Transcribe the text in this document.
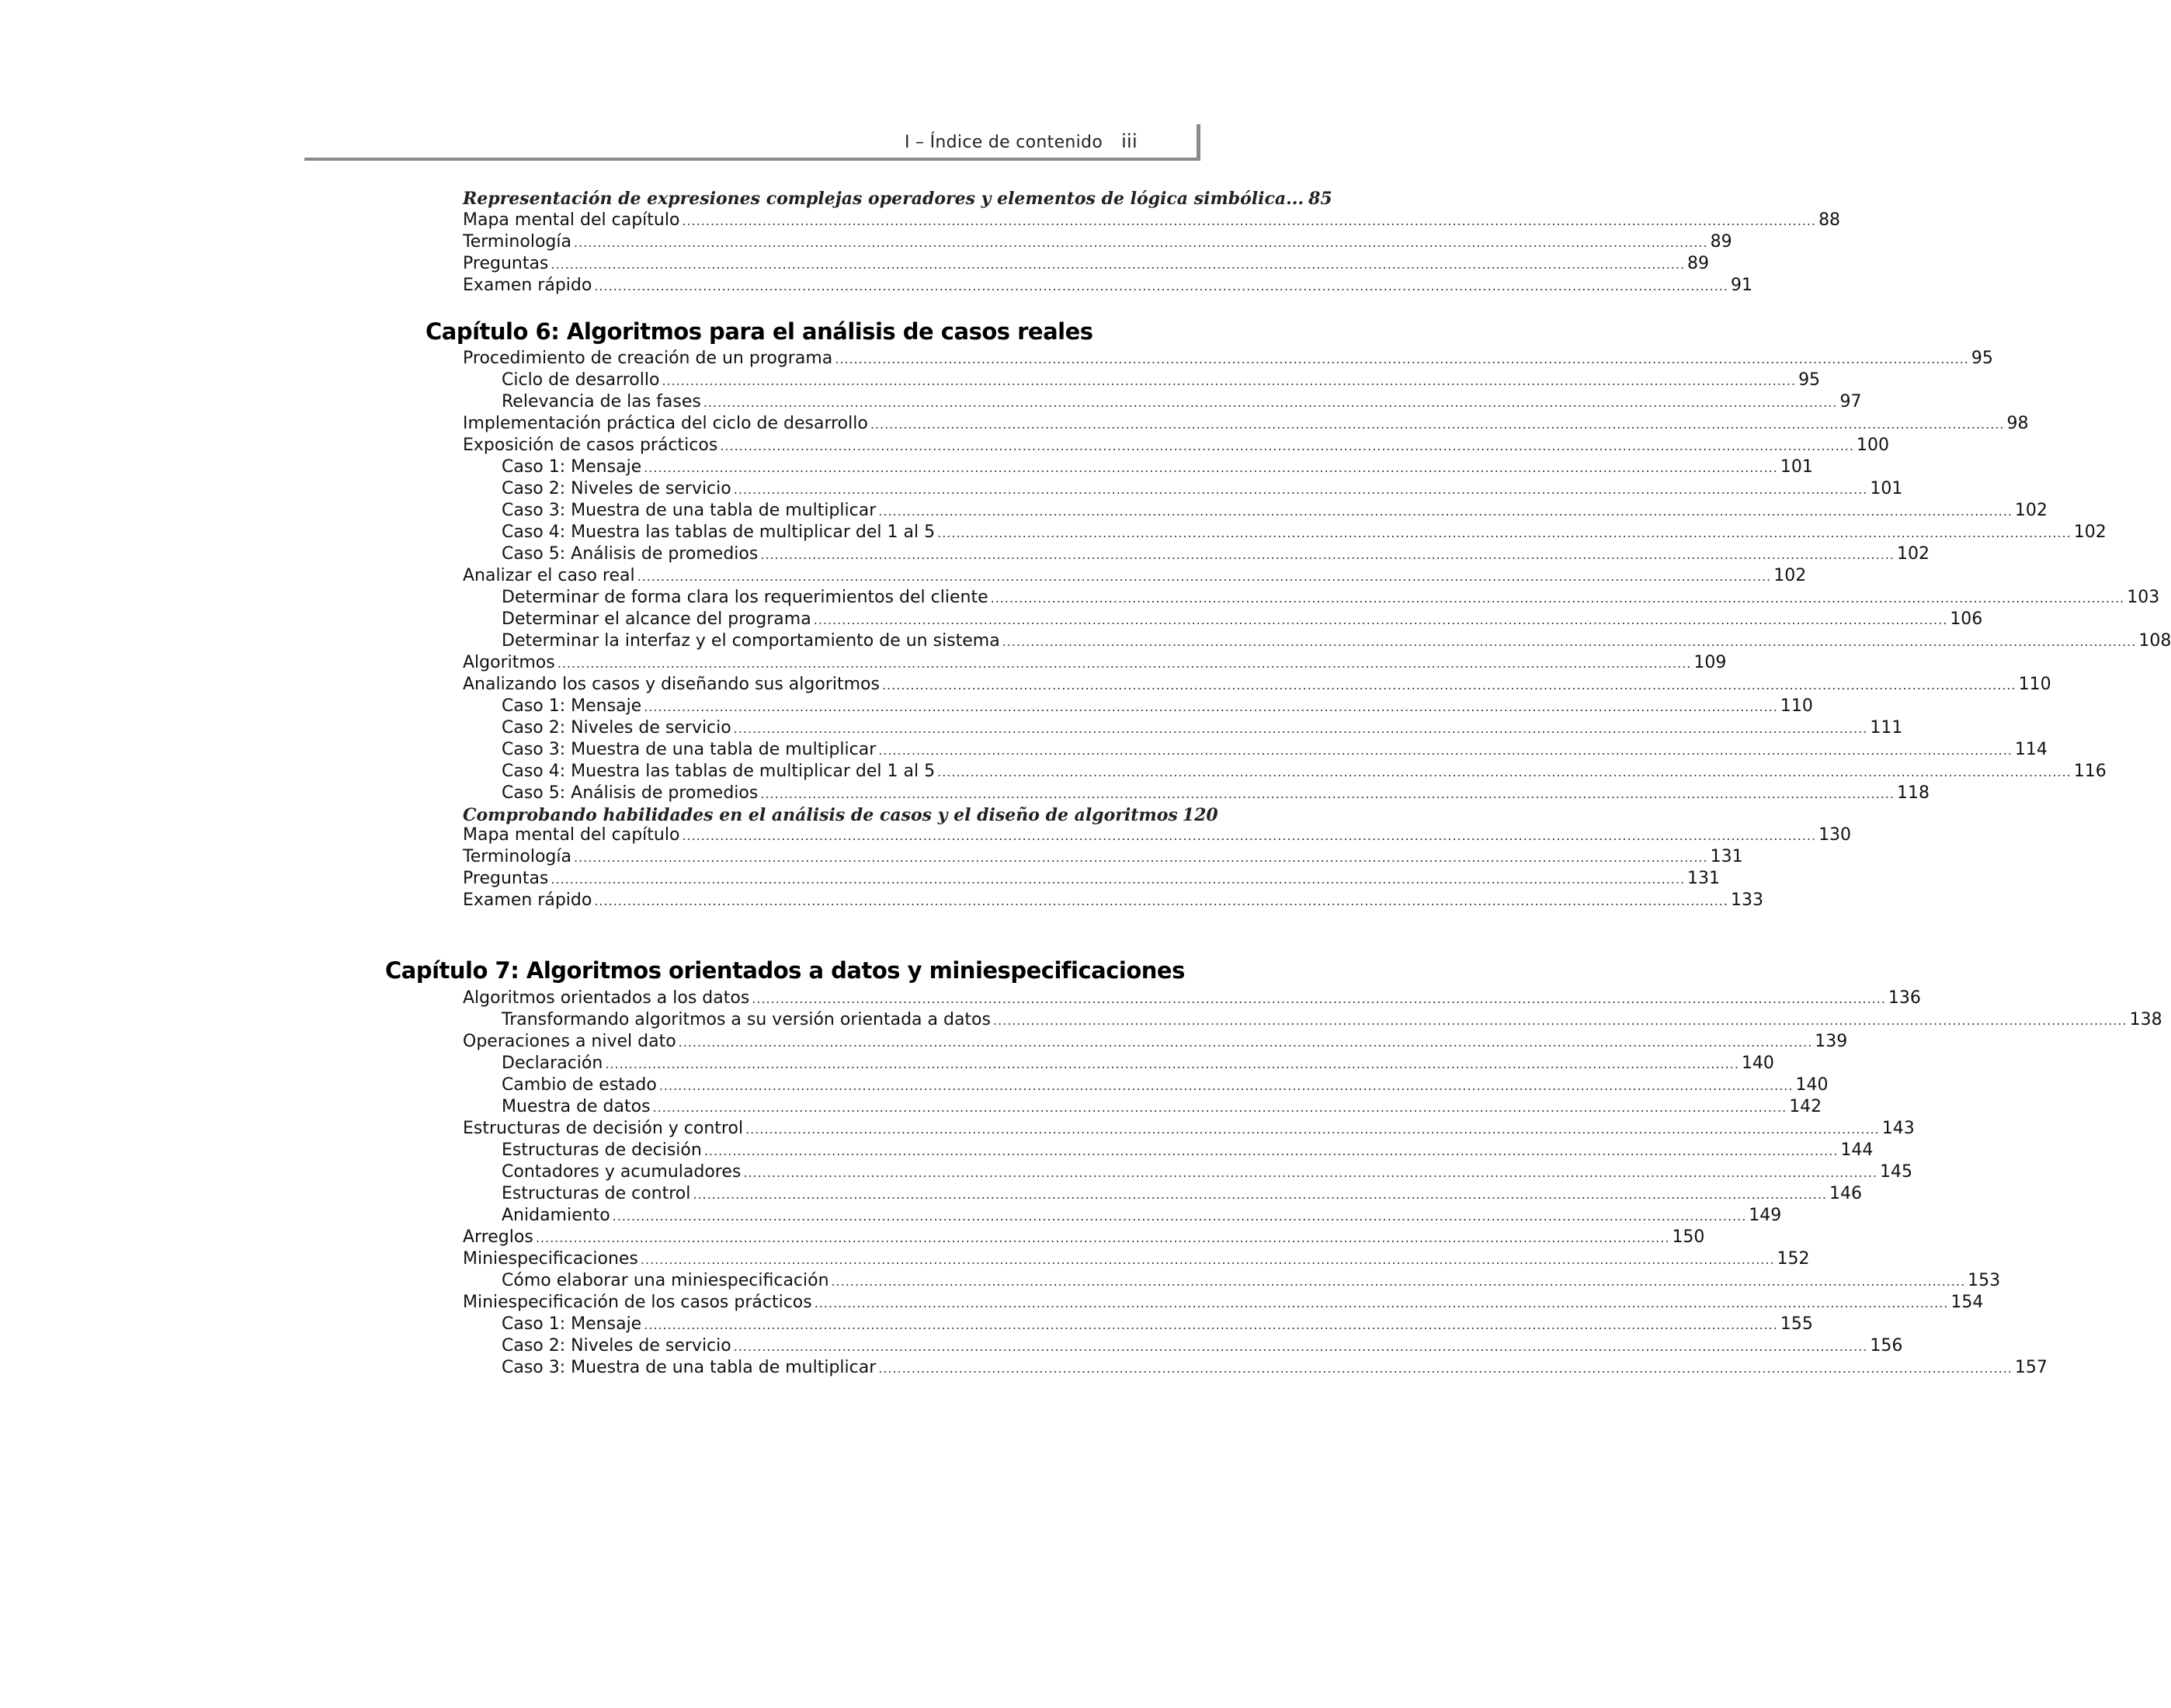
I – Índice de contenido iii
Representación de expresiones complejas operadores y elementos de lógica simbólica... 85
Mapa mental del capítulo .....	88
Terminología .....	89
Preguntas .....	89
Examen rápido .....	91
Capítulo 6: Algoritmos para el análisis de casos reales
Procedimiento de creación de un programa .....	95
Ciclo de desarrollo .....	95
Relevancia de las fases .....	97
Implementación práctica del ciclo de desarrollo .....	98
Exposición de casos prácticos .....	100
Caso 1: Mensaje .....	101
Caso 2: Niveles de servicio .....	101
Caso 3: Muestra de una tabla de multiplicar .....	102
Caso 4: Muestra las tablas de multiplicar del 1 al 5 .....	102
Caso 5: Análisis de promedios .....	102
Analizar el caso real .....	102
Determinar de forma clara los requerimientos del cliente .....	103
Determinar el alcance del programa .....	106
Determinar la interfaz y el comportamiento de un sistema .....	108
Algoritmos .....	109
Analizando los casos y diseñando sus algoritmos .....	110
Caso 1: Mensaje .....	110
Caso 2: Niveles de servicio .....	111
Caso 3: Muestra de una tabla de multiplicar .....	114
Caso 4: Muestra las tablas de multiplicar del 1 al 5 .....	116
Caso 5: Análisis de promedios .....	118
Comprobando habilidades en el análisis de casos y el diseño de algoritmos 120
Mapa mental del capítulo .....	130
Terminología .....	131
Preguntas .....	131
Examen rápido .....	133
Capítulo 7: Algoritmos orientados a datos y miniespecificaciones
Algoritmos orientados a los datos .....	136
Transformando algoritmos a su versión orientada a datos .....	138
Operaciones a nivel dato .....	139
Declaración .....	140
Cambio de estado .....	140
Muestra de datos .....	142
Estructuras de decisión y control .....	143
Estructuras de decisión .....	144
Contadores y acumuladores .....	145
Estructuras de control .....	146
Anidamiento .....	149
Arreglos .....	150
Miniespecificaciones .....	152
Cómo elaborar una miniespecificación .....	153
Miniespecificación de los casos prácticos .....	154
Caso 1: Mensaje .....	155
Caso 2: Niveles de servicio .....	156
Caso 3: Muestra de una tabla de multiplicar .....	157
